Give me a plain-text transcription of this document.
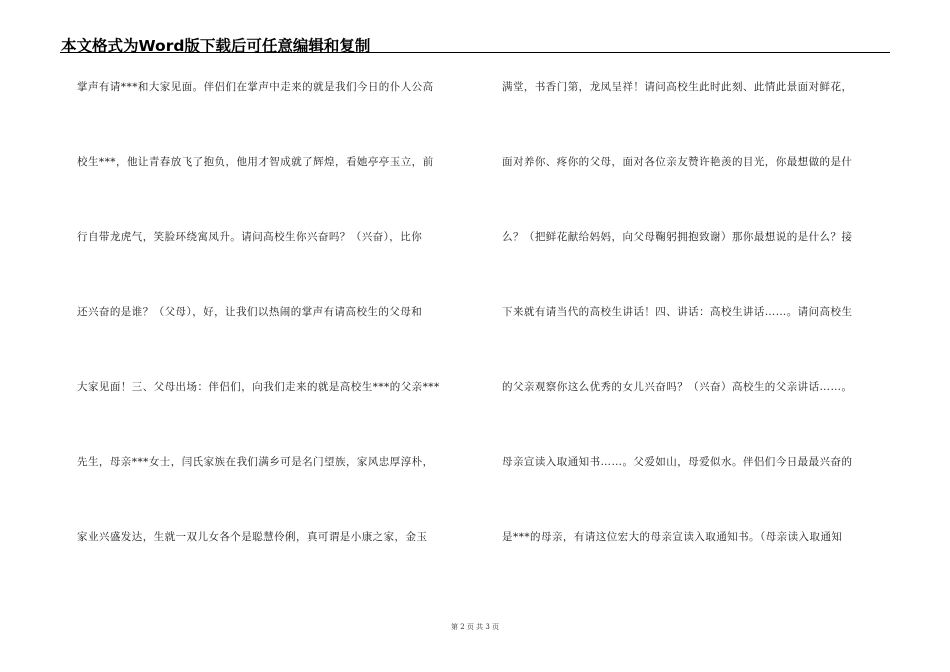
本文格式为Word版下载后可任意编辑和复制
掌声有请***和大家见面。伴侣们在掌声中走来的就是我们今日的仆人公高
校生***，他让青春放飞了抱负，他用才智成就了辉煌，看她亭亭玉立，前
行自带龙虎气，笑脸环绕寓凤升。请问高校生你兴奋吗？（兴奋），比你
还兴奋的是谁？（父母），好，让我们以热闹的掌声有请高校生的父母和
大家见面！三、父母出场：伴侣们，向我们走来的就是高校生***的父亲***
先生，母亲***女士，闫氏家族在我们满乡可是名门望族，家风忠厚淳朴，
家业兴盛发达，生就一双儿女各个是聪慧伶俐，真可谓是小康之家，金玉
满堂，书香门第，龙凤呈祥！请问高校生此时此刻、此情此景面对鲜花，
面对养你、疼你的父母，面对各位亲友赞许艳羡的目光，你最想做的是什
么？（把鲜花献给妈妈，向父母鞠躬拥抱致谢）那你最想说的是什么？接
下来就有请当代的高校生讲话！四、讲话：高校生讲话……。请问高校生
的父亲观察你这么优秀的女儿兴奋吗？（兴奋）高校生的父亲讲话……。
母亲宣读入取通知书……。父爱如山，母爱似水。伴侣们今日最最兴奋的
是***的母亲，有请这位宏大的母亲宣读入取通知书。（母亲读入取通知
第 2 页 共 3 页
